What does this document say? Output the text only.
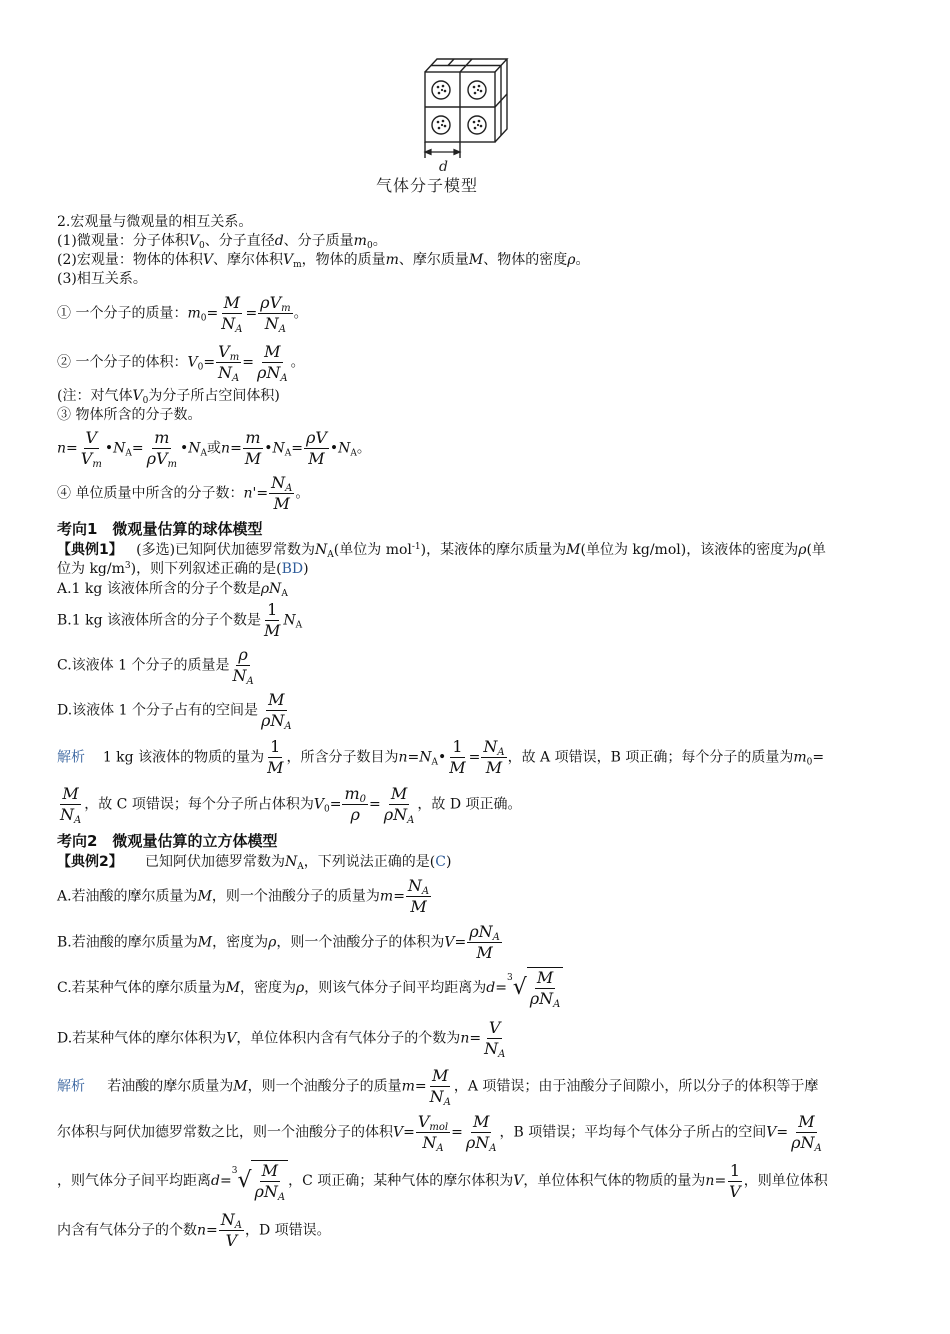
d
气体分子模型
2.宏观量与微观量的相互关系。
(1)微观量：分子体积$V_0$、分子直径d、分子质量$m_0$。
(2)宏观量：物体的体积V、摩尔体积$V_m$，物体的质量m、摩尔质量M、物体的密度ρ。
(3)相互关系。
① 一个分子的质量：$m_0= \frac{M}{N_A} = \frac{\rho V_m}{N_A}$ 。
② 一个分子的体积：$V_0= \frac{V_m}{N_A} = \frac{M}{\rho N_A}$ 。
(注：对气体$V_0$为分子所占空间体积)
③ 物体所含的分子数。
$n= \frac{V}{V_m}$ $•N_A= \frac{m}{\rho V_m}$ $•N_A$或$n= \frac{m}{M}$ $•N_A= \frac{\rho V}{M}$ $•N_A$。
④ 单位质量中所含的分子数：$n'= \frac{N_A}{M}$ 。
考向1　微观量估算的球体模型
【典例1】 (多选)已知阿伏加德罗常数为$N_A$(单位为 mol$^{-1}$)，某液体的摩尔质量为M(单位为 kg/mol)，该液体的密度为ρ(单
位为 $kg/m^3$)，则下列叙述正确的是(BD)
A.1 kg 该液体所含的分子个数是$\rho N_A$
B.1 kg 该液体所含的分子个数是 $\frac{1}{M} N_A$
C.该液体 1 个分子的质量是 $\frac{\rho}{N_A}$
D.该液体 1 个分子占有的空间是 $\frac{M}{\rho N_A}$
解析 1 kg 该液体的物质的量为 $\frac{1}{M}$ ，所含分子数目为$n=N_A• \frac{1}{M} = \frac{N_A}{M}$ ，故 A 项错误，B 项正确；每个分子的质量为$m_0=$
$\frac{M}{N_A}$ ，故 C 项错误；每个分子所占体积为$V_0= \frac{m_0}{\rho} = \frac{M}{\rho N_A}$ ，故 D 项正确。
考向2　微观量估算的立方体模型
【典例2】 已知阿伏加德罗常数为$N_A$，下列说法正确的是(C)
A.若油酸的摩尔质量为M，则一个油酸分子的质量为$m= \frac{N_A}{M}$
B.若油酸的摩尔质量为M，密度为ρ，则一个油酸分子的体积为$V= \frac{\rho N_A}{M}$
C.若某种气体的摩尔质量为M，密度为ρ，则该气体分子间平均距离为d=
3 √ $\frac{M}{\rho N_A}$
D.若某种气体的摩尔体积为V，单位体积内含有气体分子的个数为$n= \frac{V}{N_A}$
解析 若油酸的摩尔质量为M，则一个油酸分子的质量$m= \frac{M}{N_A}$ ，A 项错误；由于油酸分子间隙小，所以分子的体积等于摩
尔体积与阿伏加德罗常数之比，则一个油酸分子的体积$V= \frac{V_{mol}}{N_A} = \frac{M}{\rho N_A}$ ，B 项错误；平均每个气体分子所占的空间$V= \frac{M}{\rho N_A}$
，则气体分子间平均距离d=
3 √ $\frac{M}{\rho N_A}$ ，C 项正确；某种气体的摩尔体积为V，单位体积气体的物质的量为$n= \frac{1}{V}$ ，则单位体积
内含有气体分子的个数$n= \frac{N_A}{V}$ ，D 项错误。
